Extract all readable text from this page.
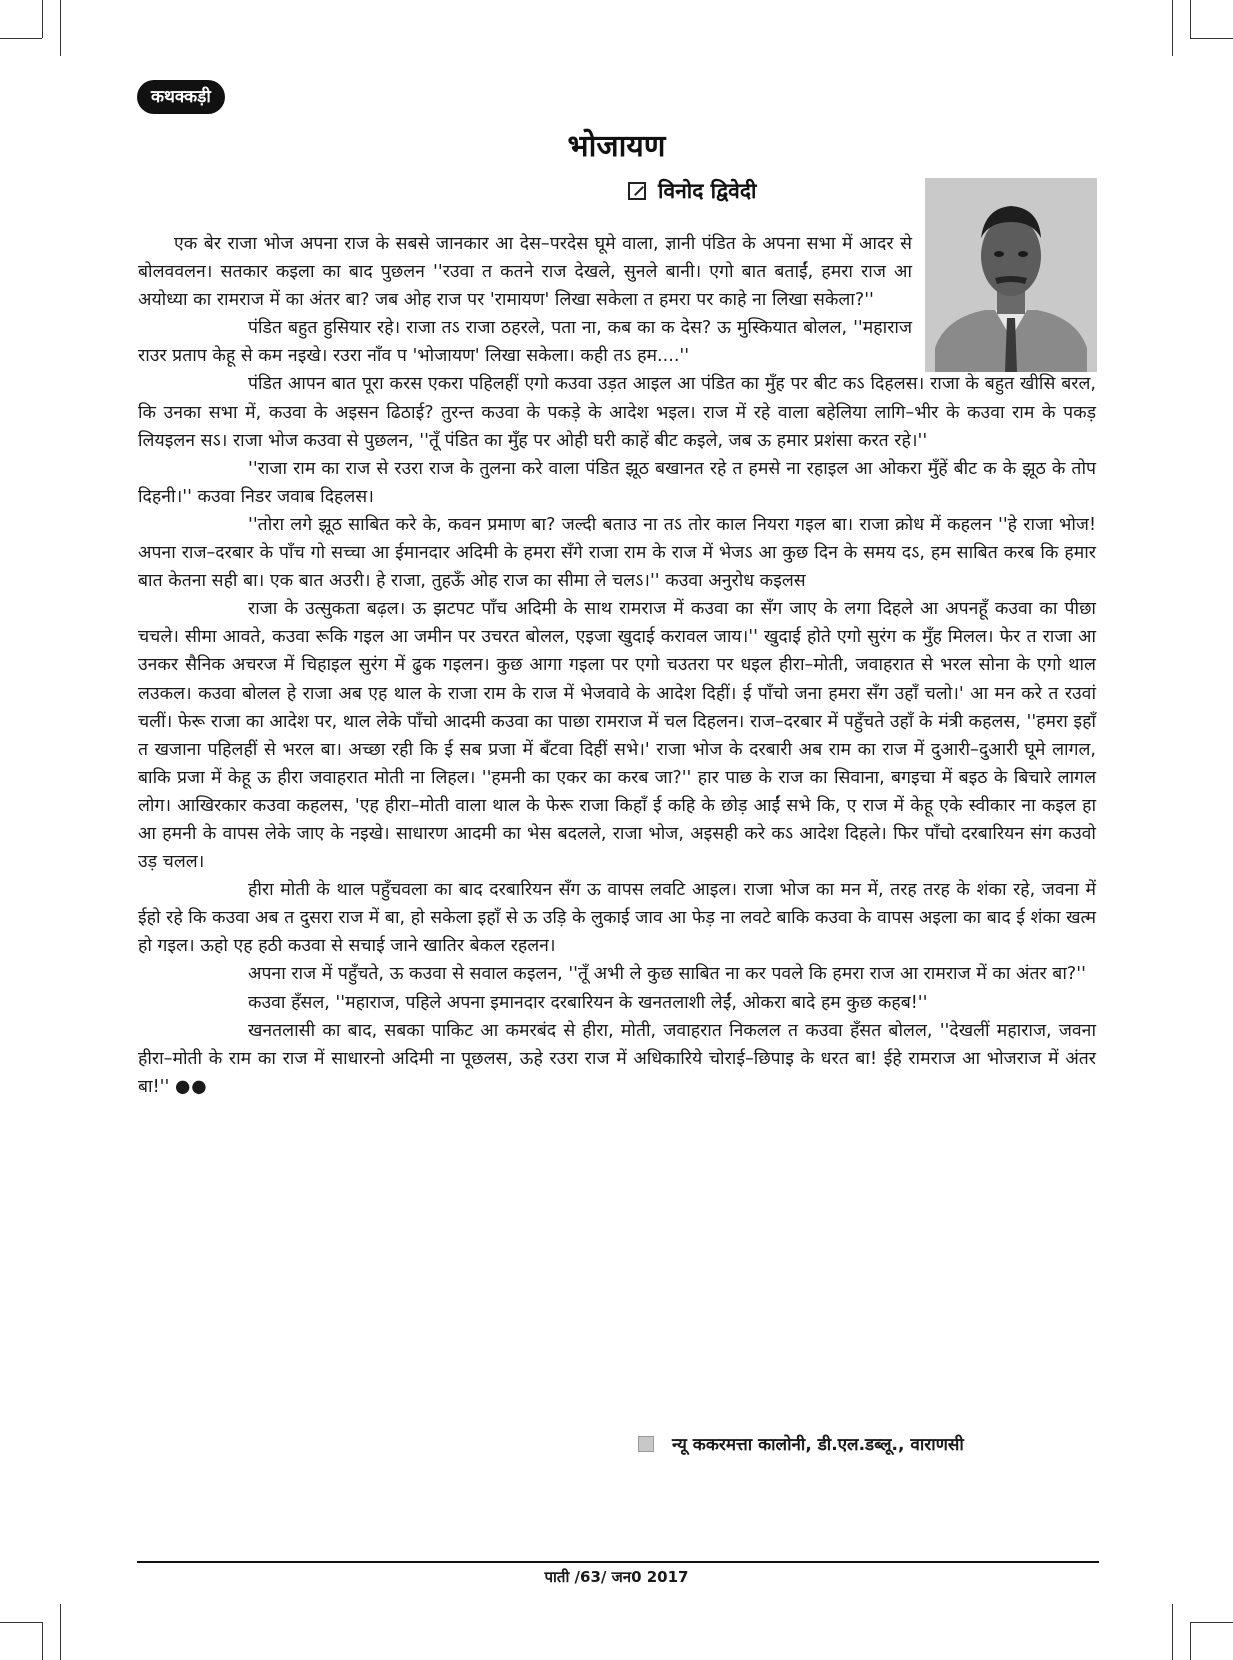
कथक्कड़ी
भोजायण
विनोद द्विवेदी

एक बेर राजा भोज अपना राज के सबसे जानकार आ देस–परदेस घूमे वाला, ज्ञानी पंडित के अपना सभा में आदर से बोलववलन। सतकार कइला का बाद पुछलन ''रउवा त कतने राज देखले, सुनले बानी। एगो बात बताईं, हमरा राज आ अयोध्या का रामराज में का अंतर बा? जब ओह राज पर 'रामायण' लिखा सकेला त हमरा पर काहे ना लिखा सकेला?''

पंडित बहुत हुसियार रहे। राजा तऽ राजा ठहरले, पता ना, कब का क देस? ऊ मुस्कियात बोलल, ''महाराज राउर प्रताप केहू से कम नइखे। रउरा नाँव प 'भोजायण' लिखा सकेला। कही तऽ हम....''

पंडित आपन बात पूरा करस एकरा पहिलहीं एगो कउवा उड़त आइल आ पंडित का मुँह पर बीट कऽ दिहलस। राजा के बहुत खीसि बरल, कि उनका सभा में, कउवा के अइसन ढिठाई? तुरन्त कउवा के पकड़े के आदेश भइल। राज में रहे वाला बहेलिया लागि–भीर के कउवा राम के पकड़ लियइलन सऽ। राजा भोज कउवा से पुछलन, ''तूँ पंडित का मुँह पर ओही घरी काहें बीट कइले, जब ऊ हमार प्रशंसा करत रहे।''

''राजा राम का राज से रउरा राज के तुलना करे वाला पंडित झूठ बखानत रहे त हमसे ना रहाइल आ ओकरा मुँहें बीट क के झूठ के तोप दिहनी।'' कउवा निडर जवाब दिहलस।

''तोरा लगे झूठ साबित करे के, कवन प्रमाण बा? जल्दी बताउ ना तऽ तोर काल नियरा गइल बा। राजा क्रोध में कहलन ''हे राजा भोज! अपना राज–दरबार के पाँच गो सच्चा आ ईमानदार अदिमी के हमरा सँगे राजा राम के राज में भेजऽ आ कुछ दिन के समय दऽ, हम साबित करब कि हमार बात केतना सही बा। एक बात अउरी। हे राजा, तुहऊँ ओह राज का सीमा ले चलऽ।'' कउवा अनुरोध कइलस

राजा के उत्सुकता बढ़ल। ऊ झटपट पाँच अदिमी के साथ रामराज में कउवा का सँग जाए के लगा दिहले आ अपनहूँ कउवा का पीछा चचले। सीमा आवते, कउवा रूकि गइल आ जमीन पर उचरत बोलल, एइजा खुदाई करावल जाय।'' खुदाई होते एगो सुरंग क मुँह मिलल। फेर त राजा आ उनकर सैनिक अचरज में चिहाइल सुरंग में ढुक गइलन। कुछ आगा गइला पर एगो चउतरा पर धइल हीरा–मोती, जवाहरात से भरल सोना के एगो थाल लउकल। कउवा बोलल हे राजा अब एह थाल के राजा राम के राज में भेजवावे के आदेश दिहीं। ई पाँचो जना हमरा सँग उहाँ चलो।' आ मन करे त रउवां चलीं। फेरू राजा का आदेश पर, थाल लेके पाँचो आदमी कउवा का पाछा रामराज में चल दिहलन। राज–दरबार में पहुँचते उहाँ के मंत्री कहलस, ''हमरा इहाँ त खजाना पहिलहीं से भरल बा। अच्छा रही कि ई सब प्रजा में बँटवा दिहीं सभे।' राजा भोज के दरबारी अब राम का राज में दुआरी–दुआरी घूमे लागल, बाकि प्रजा में केहू ऊ हीरा जवाहरात मोती ना लिहल। ''हमनी का एकर का करब जा?'' हार पाछ के राज का सिवाना, बगइचा में बइठ के बिचारे लागल लोग। आखिरकार कउवा कहलस, 'एह हीरा–मोती वाला थाल के फेरू राजा किहाँ ई कहि के छोड़ आईं सभे कि, ए राज में केहू एके स्वीकार ना कइल हा आ हमनी के वापस लेके जाए के नइखे। साधारण आदमी का भेस बदलले, राजा भोज, अइसही करे कऽ आदेश दिहले। फिर पाँचो दरबारियन संग कउवो उड़ चलल।

हीरा मोती के थाल पहुँचवला का बाद दरबारियन सँग ऊ वापस लवटि आइल। राजा भोज का मन में, तरह तरह के शंका रहे, जवना में ईहो रहे कि कउवा अब त दुसरा राज में बा, हो सकेला इहाँ से ऊ उड़ि के लुकाई जाव आ फेड़ ना लवटे बाकि कउवा के वापस अइला का बाद ई शंका खत्म हो गइल। ऊहो एह हठी कउवा से सचाई जाने खातिर बेकल रहलन।

अपना राज में पहुँचते, ऊ कउवा से सवाल कइलन, ''तूँ अभी ले कुछ साबित ना कर पवले कि हमरा राज आ रामराज में का अंतर बा?''

कउवा हँसल, ''महाराज, पहिले अपना इमानदार दरबारियन के खनतलाशी लेईं, ओकरा बादे हम कुछ कहब!''

खनतलासी का बाद, सबका पाकिट आ कमरबंद से हीरा, मोती, जवाहरात निकलल त कउवा हँसत बोलल, ''देखलीं महाराज, जवना हीरा–मोती के राम का राज में साधारनो अदिमी ना पूछलस, ऊहे रउरा राज में अधिकारिये चोराई–छिपाइ के धरत बा! ईहे रामराज आ भोजराज में अंतर बा!'' ●●

न्यू ककरमत्ता कालोनी, डी.एल.डब्लू., वाराणसी
पाती /63/ जन0 2017
